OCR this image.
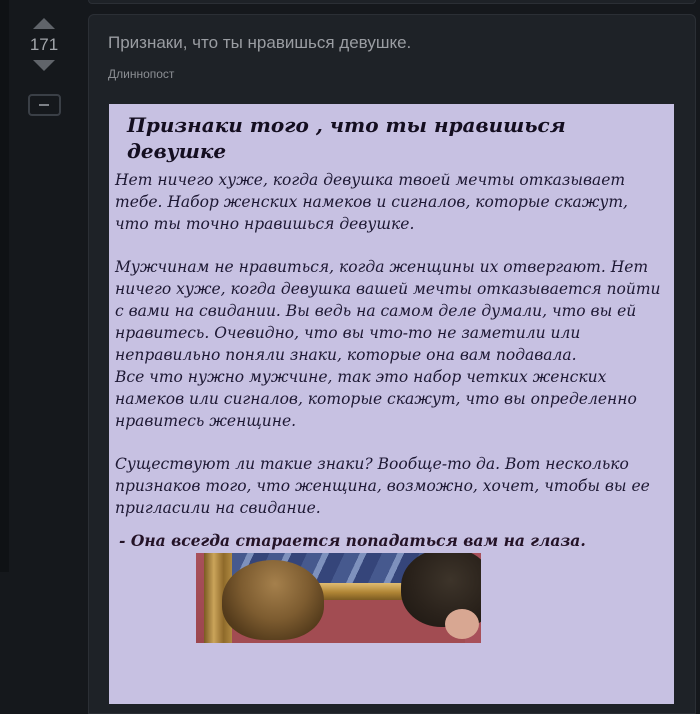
171	Признаки, что ты нравишься девушке.
Длиннопост
Признаки того , что ты нравишься девушке

Нет ничего хуже, когда девушка твоей мечты отказывает тебе. Набор женских намеков и сигналов, которые скажут, что ты точно нравишься девушке.

Мужчинам не нравиться, когда женщины их отвергают. Нет ничего хуже, когда девушка вашей мечты отказывается пойти с вами на свидании. Вы ведь на самом деле думали, что вы ей нравитесь. Очевидно, что вы что-то не заметили или неправильно поняли знаки, которые она вам подавала.

Все что нужно мужчине, так это набор четких женских намеков или сигналов, которые скажут, что вы определенно нравитесь женщине.

Существуют ли такие знаки? Вообще-то да. Вот несколько признаков того, что женщина, возможно, хочет, чтобы вы ее пригласили на свидание.

- Она всегда старается попадаться вам на глаза.
